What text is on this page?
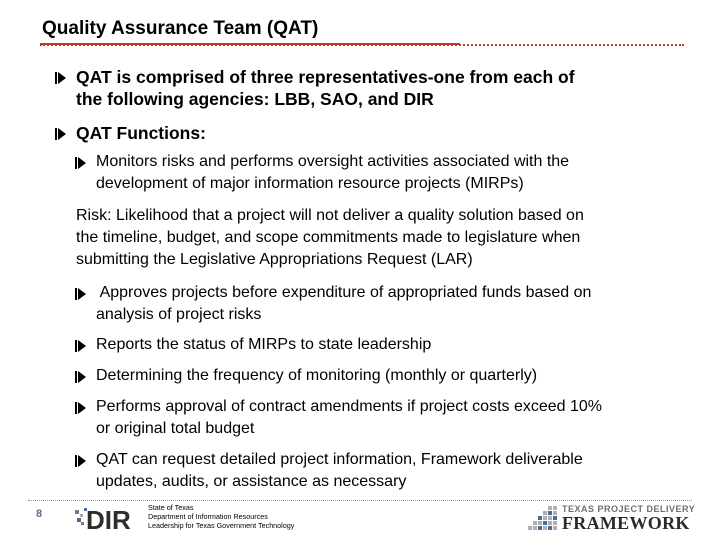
Quality Assurance Team (QAT)
QAT is comprised of three representatives-one from each of
the following agencies: LBB, SAO, and DIR
QAT Functions:
Monitors risks and performs oversight activities associated with the
development of major information resource projects (MIRPs)
Risk: Likelihood that a project will not deliver a quality solution based on
the timeline, budget, and scope commitments made to legislature when
submitting the Legislative Appropriations Request (LAR)
Approves projects before expenditure of appropriated funds based on
analysis of project risks
Reports the status of MIRPs to state leadership
Determining the frequency of monitoring (monthly or quarterly)
Performs approval of contract amendments if project costs exceed 10%
or original total budget
QAT can request detailed project information, Framework deliverable
updates, audits, or assistance as necessary
8 DIR State of Texas
Department of Information Resources
Leadership for Texas Government Technology
TEXAS PROJECT DELIVERY
FRAMEWORK
